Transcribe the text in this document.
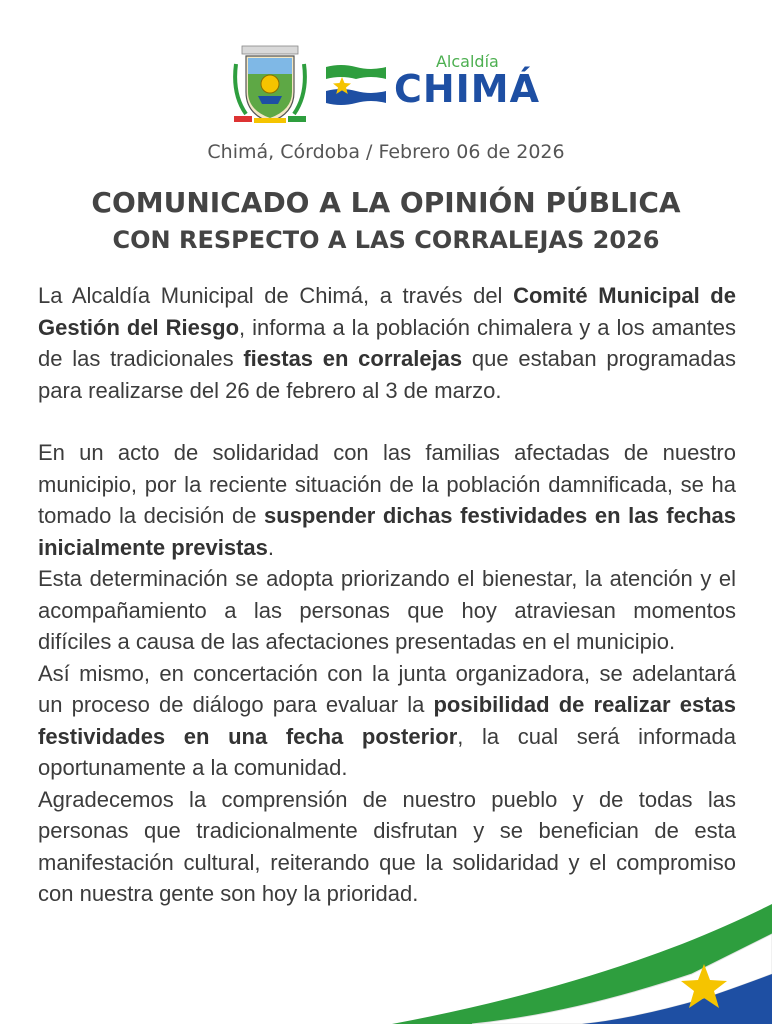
Alcaldía
CHIMÁ
Chimá, Córdoba / Febrero 06 de 2026
COMUNICADO A LA OPINIÓN PÚBLICA
CON RESPECTO A LAS CORRALEJAS 2026

La Alcaldía Municipal de Chimá, a través del Comité Municipal de Gestión del Riesgo, informa a la población chimalera y a los amantes de las tradicionales fiestas en corralejas que estaban programadas para realizarse del 26 de febrero al 3 de marzo.

En un acto de solidaridad con las familias afectadas de nuestro municipio, por la reciente situación de la población damnificada, se ha tomado la decisión de suspender dichas festividades en las fechas inicialmente previstas.

Esta determinación se adopta priorizando el bienestar, la atención y el acompañamiento a las personas que hoy atraviesan momentos difíciles a causa de las afectaciones presentadas en el municipio.

Así mismo, en concertación con la junta organizadora, se adelantará un proceso de diálogo para evaluar la posibilidad de realizar estas festividades en una fecha posterior, la cual será informada oportunamente a la comunidad.

Agradecemos la comprensión de nuestro pueblo y de todas las personas que tradicionalmente disfrutan y se benefician de esta manifestación cultural, reiterando que la solidaridad y el compromiso con nuestra gente son hoy la prioridad.
